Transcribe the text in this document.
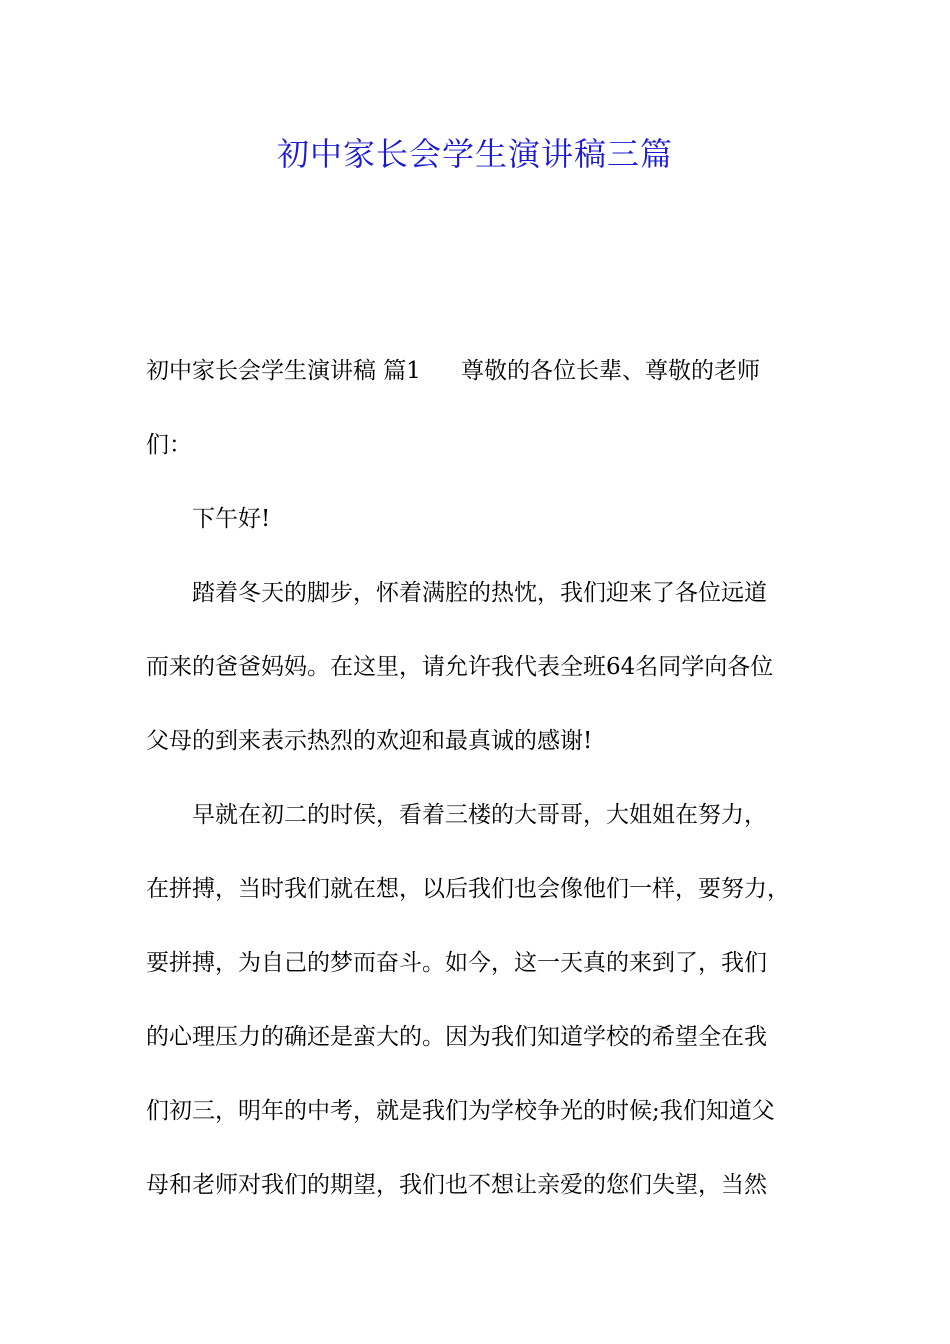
初中家长会学生演讲稿三篇
初中家长会学生演讲稿 篇1 尊敬的各位长辈、尊敬的老师
们：
下午好!
踏着冬天的脚步，怀着满腔的热忱，我们迎来了各位远道
而来的爸爸妈妈。在这里，请允许我代表全班64名同学向各位
父母的到来表示热烈的欢迎和最真诚的感谢!
早就在初二的时侯，看着三楼的大哥哥，大姐姐在努力，
在拼搏，当时我们就在想，以后我们也会像他们一样，要努力，
要拼搏，为自己的梦而奋斗。如今，这一天真的来到了，我们
的心理压力的确还是蛮大的。因为我们知道学校的希望全在我
们初三，明年的中考，就是我们为学校争光的时候;我们知道父
母和老师对我们的期望，我们也不想让亲爱的您们失望，当然
